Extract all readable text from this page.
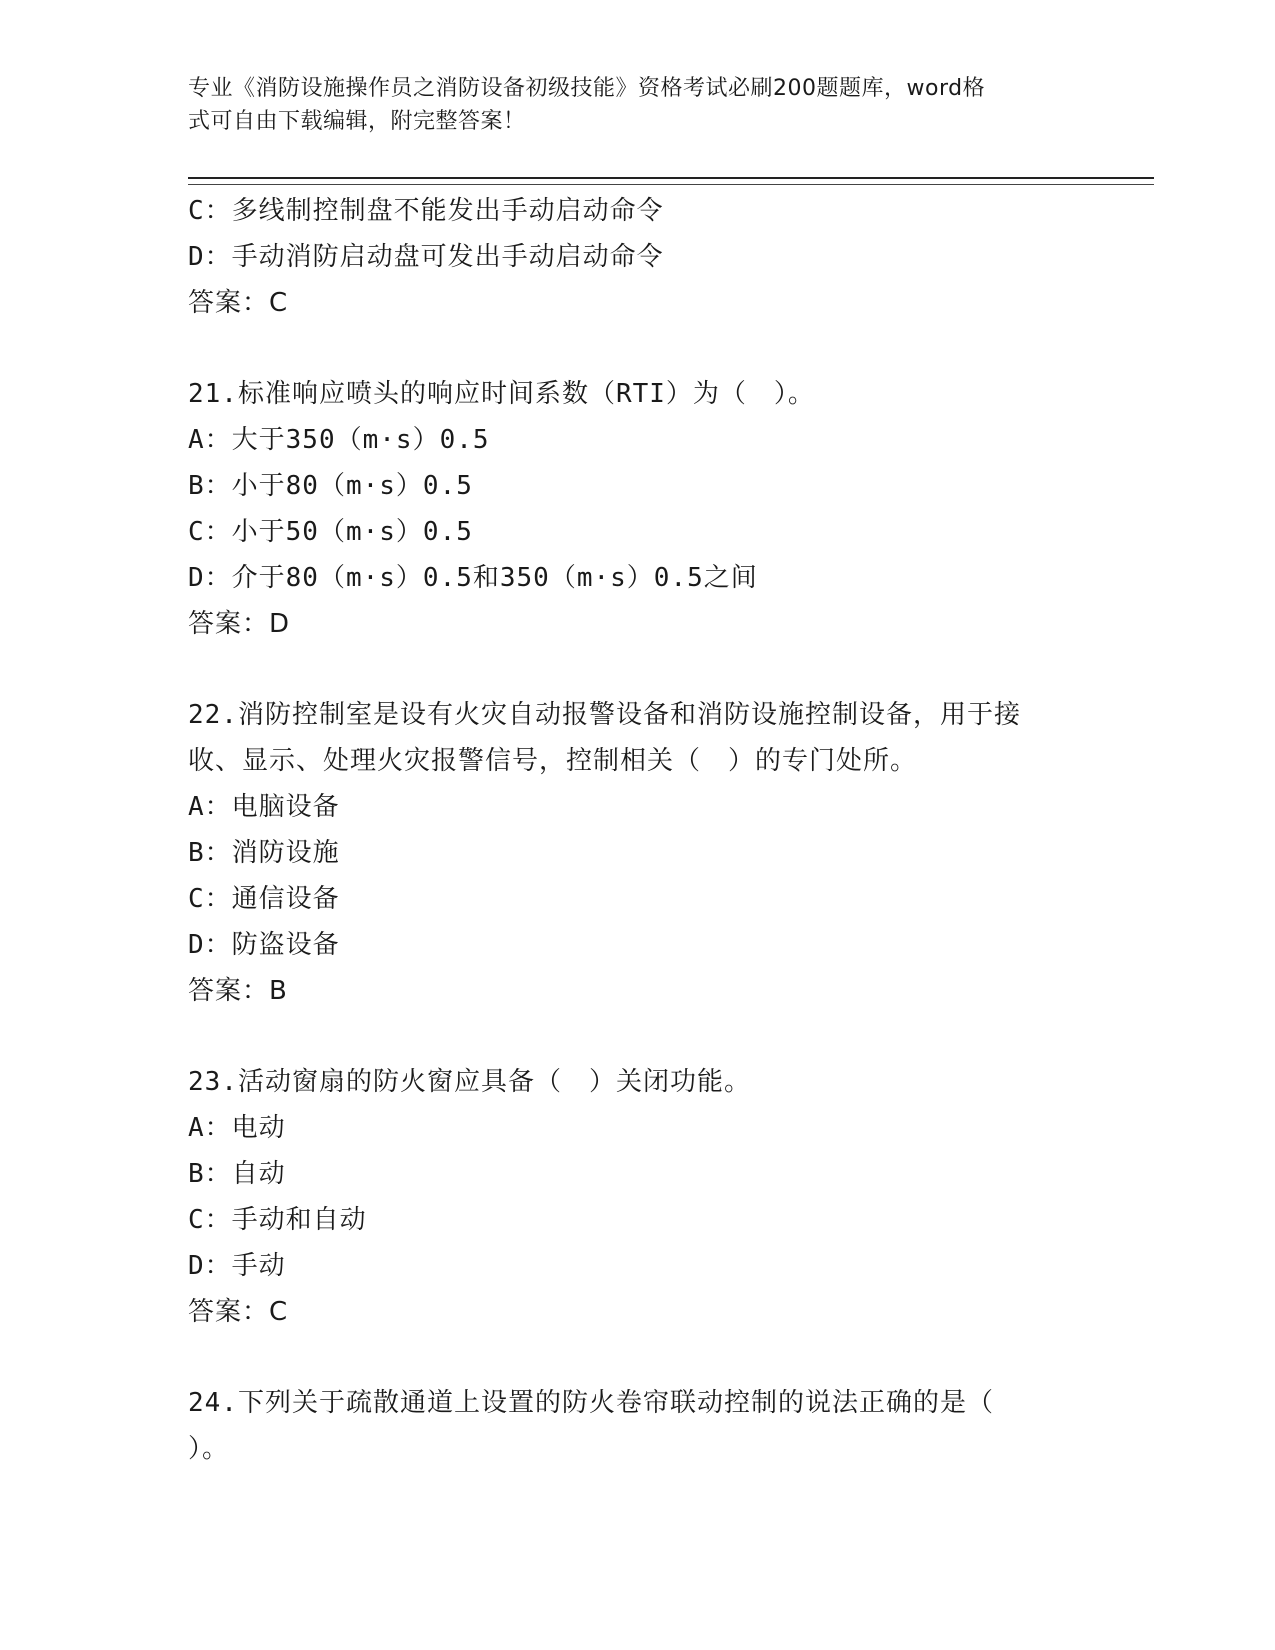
专业《消防设施操作员之消防设备初级技能》资格考试必刷200题题库，word格
式可自由下载编辑，附完整答案！
C：多线制控制盘不能发出手动启动命令
D：手动消防启动盘可发出手动启动命令
答案：C
21.标准响应喷头的响应时间系数（RTI）为（　）。
A：大于350（m·s）0.5
B：小于80（m·s）0.5
C：小于50（m·s）0.5
D：介于80（m·s）0.5和350（m·s）0.5之间
答案：D
22.消防控制室是设有火灾自动报警设备和消防设施控制设备，用于接
收、显示、处理火灾报警信号，控制相关（　）的专门处所。
A：电脑设备
B：消防设施
C：通信设备
D：防盗设备
答案：B
23.活动窗扇的防火窗应具备（　）关闭功能。
A：电动
B：自动
C：手动和自动
D：手动
答案：C
24.下列关于疏散通道上设置的防火卷帘联动控制的说法正确的是（
）。
